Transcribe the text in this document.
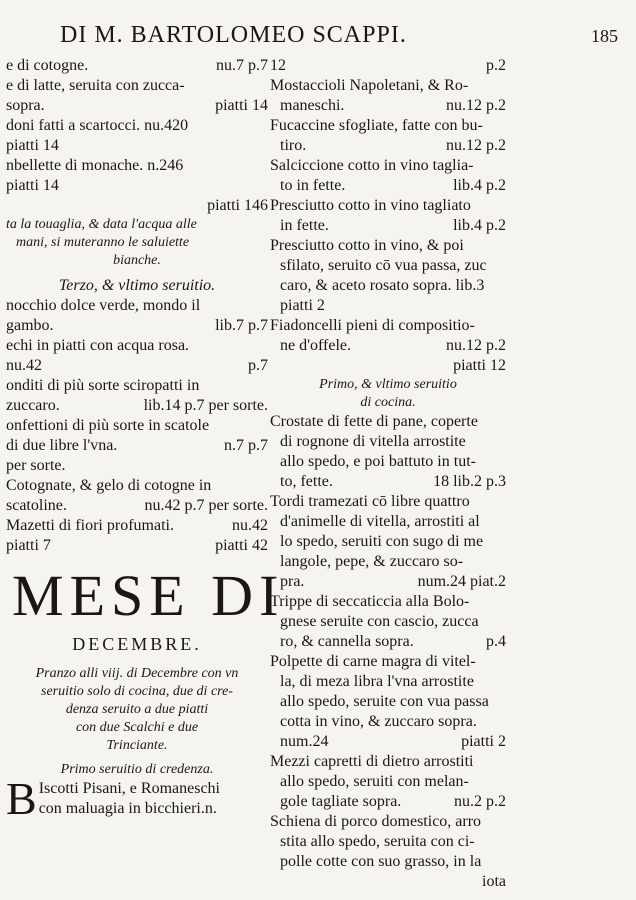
DI M. BARTOLOMEO SCAPPI.	185
e di cotogne.	nu.7 p.7
e di latte, seruita con zucca-
sopra.	piatti 14
doni fatti a scartocci. nu.420
piatti 14
nbellette di monache. n.246
piatti 14
piatti 146
ta la touaglia, & data l'acqua alle
mani, si muteranno le saluiette
bianche.
Terzo, & vltimo seruitio.
nocchio dolce verde, mondo il
gambo.	lib.7 p.7
echi in piatti con acqua rosa.
nu.42	p.7
onditi di più sorte sciropatti in
zuccaro.	lib.14 p.7 per sorte.
onfettioni di più sorte in scatole
di due libre l'vna.	n.7 p.7
per sorte.
Cotognate, & gelo di cotogne in
scatoline.	nu.42 p.7 per sorte.
Mazetti di fiori profumati.	nu.42
piatti 7	piatti 42
MESE DI
DECEMBRE.
Pranzo alli viij. di Decembre con vn
seruitio solo di cocina, due di cre-
denza seruito a due piatti
con due Scalchi e due
Trinciante.
Primo seruitio di credenza.
B Iscotti Pisani, e Romaneschi
con maluagia in bicchieri.n.
12	p.2
Mostaccioli Napoletani, & Ro-
maneschi.	nu.12 p.2
Fucaccine sfogliate, fatte con bu-
tiro.	nu.12 p.2
Salciccione cotto in vino taglia-
to in fette.	lib.4 p.2
Presciutto cotto in vino tagliato
in fette.	lib.4 p.2
Presciutto cotto in vino, & poi
sfilato, seruito cō vua passa, zuc
caro, & aceto rosato sopra. lib.3
piatti 2
Fiadoncelli pieni di compositio-
ne d'offele.	nu.12 p.2
piatti 12
Primo, & vltimo seruitio
di cocina.
Crostate di fette di pane, coperte
di rognone di vitella arrostite
allo spedo, e poi battuto in tut-
to, fette.	18 lib.2 p.3
Tordi tramezati cō libre quattro
d'animelle di vitella, arrostiti al
lo spedo, seruiti con sugo di me
langole, pepe, & zuccaro so-
pra.	num.24 piat.2
Trippe di seccaticcia alla Bolo-
gnese seruite con cascio, zucca
ro, & cannella sopra.	p.4
Polpette di carne magra di vitel-
la, di meza libra l'vna arrostite
allo spedo, seruite con vua passa
cotta in vino, & zuccaro sopra.
num.24	piatti 2
Mezzi capretti di dietro arrostiti
allo spedo, seruiti con melan-
gole tagliate sopra.	nu.2 p.2
Schiena di porco domestico, arro
stita allo spedo, seruita con ci-
polle cotte con suo grasso, in la
iota
